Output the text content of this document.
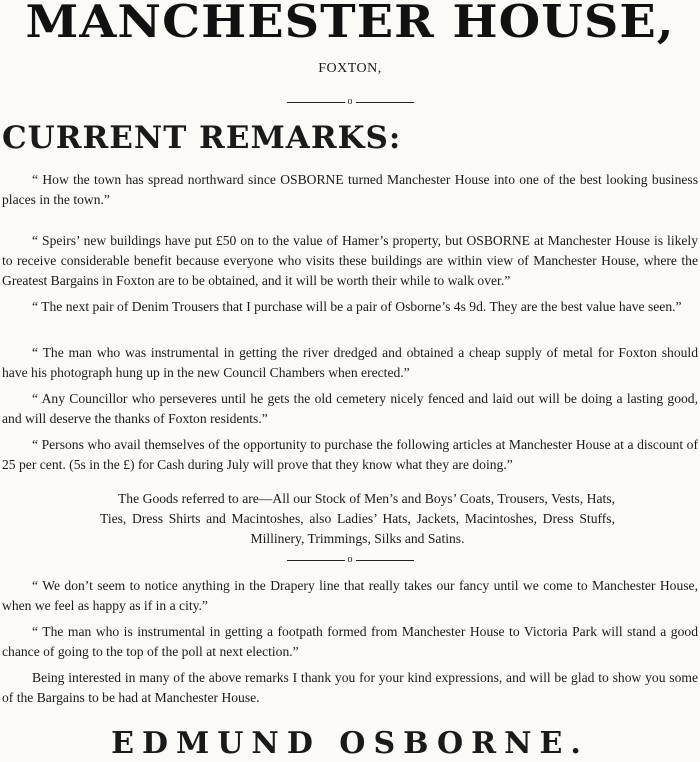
MANCHESTER HOUSE,
FOXTON,
o
CURRENT REMARKS:

“ How the town has spread northward since OSBORNE turned Manchester House into one of the best looking business places in the town.”

“ Speirs’ new buildings have put £50 on to the value of Hamer’s property, but OSBORNE at Manchester House is likely to receive considerable benefit because everyone who visits these buildings are within view of Manchester House, where the Greatest Bargains in Foxton are to be obtained, and it will be worth their while to walk over.”

“ The next pair of Denim Trousers that I purchase will be a pair of Osborne’s 4s 9d. They are the best value have seen.”

“ The man who was instrumental in getting the river dredged and obtained a cheap supply of metal for Foxton should have his photograph hung up in the new Council Chambers when erected.”

“ Any Councillor who perseveres until he gets the old cemetery nicely fenced and laid out will be doing a lasting good, and will deserve the thanks of Foxton residents.”

“ Persons who avail themselves of the opportunity to purchase the following articles at Manchester House at a discount of 25 per cent. (5s in the £) for Cash during July will prove that they know what they are doing.”

The Goods referred to are—All our Stock of Men’s and Boys’ Coats, Trousers, Vests, Hats, Ties, Dress Shirts and Macintoshes, also Ladies’ Hats, Jackets, Macintoshes, Dress Stuffs, Millinery, Trimmings, Silks and Satins.

o

“ We don’t seem to notice anything in the Drapery line that really takes our fancy until we come to Manchester House, when we feel as happy as if in a city.”

“ The man who is instrumental in getting a footpath formed from Manchester House to Victoria Park will stand a good chance of going to the top of the poll at next election.”

Being interested in many of the above remarks I thank you for your kind expressions, and will be glad to show you some of the Bargains to be had at Manchester House.

EDMUND OSBORNE.
